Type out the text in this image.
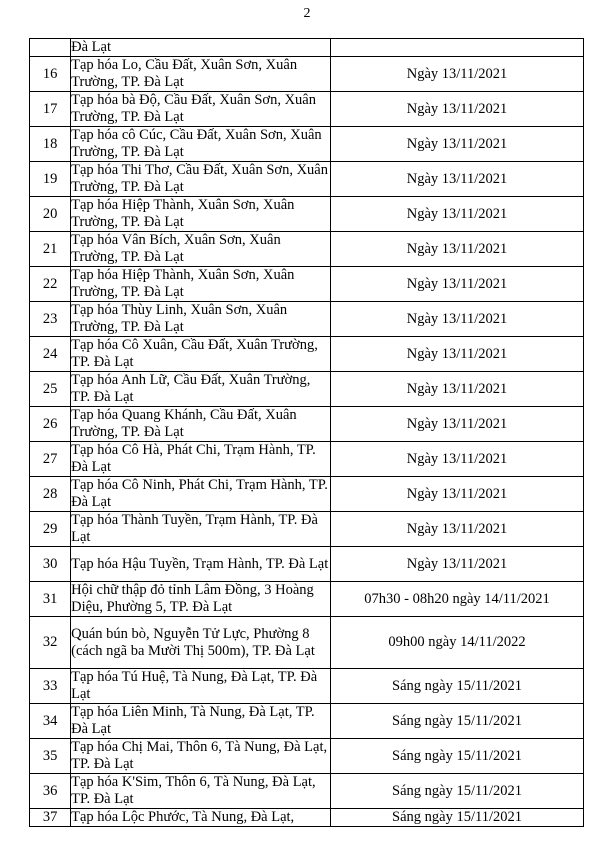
2
	Đà Lạt	
16	Tạp hóa Lo, Cầu Đất, Xuân Sơn, Xuân Trường, TP. Đà Lạt	Ngày 13/11/2021
17	Tạp hóa bà Độ, Cầu Đất, Xuân Sơn, Xuân Trường, TP. Đà Lạt	Ngày 13/11/2021
18	Tạp hóa cô Cúc, Cầu Đất, Xuân Sơn, Xuân Trường, TP. Đà Lạt	Ngày 13/11/2021
19	Tạp hóa Thi Thơ, Cầu Đất, Xuân Sơn, Xuân Trường, TP. Đà Lạt	Ngày 13/11/2021
20	Tạp hóa Hiệp Thành, Xuân Sơn, Xuân Trường, TP. Đà Lạt	Ngày 13/11/2021
21	Tạp hóa Vân Bích, Xuân Sơn, Xuân Trường, TP. Đà Lạt	Ngày 13/11/2021
22	Tạp hóa Hiệp Thành, Xuân Sơn, Xuân Trường, TP. Đà Lạt	Ngày 13/11/2021
23	Tạp hóa Thùy Linh, Xuân Sơn, Xuân Trường, TP. Đà Lạt	Ngày 13/11/2021
24	Tạp hóa Cô Xuân, Cầu Đất, Xuân Trường, TP. Đà Lạt	Ngày 13/11/2021
25	Tạp hóa Anh Lữ, Cầu Đất, Xuân Trường, TP. Đà Lạt	Ngày 13/11/2021
26	Tạp hóa Quang Khánh, Cầu Đất, Xuân Trường, TP. Đà Lạt	Ngày 13/11/2021
27	Tạp hóa Cô Hà, Phát Chi, Trạm Hành, TP. Đà Lạt	Ngày 13/11/2021
28	Tạp hóa Cô Ninh, Phát Chi, Trạm Hành, TP. Đà Lạt	Ngày 13/11/2021
29	Tạp hóa Thành Tuyền, Trạm Hành, TP. Đà Lạt	Ngày 13/11/2021
30	Tạp hóa Hậu Tuyền, Trạm Hành, TP. Đà Lạt	Ngày 13/11/2021
31	Hội chữ thập đỏ tỉnh Lâm Đồng, 3 Hoàng Diệu, Phường 5, TP. Đà Lạt	07h30 - 08h20 ngày 14/11/2021
32	Quán bún bò, Nguyễn Tử Lực, Phường 8 (cách ngã ba Mười Thị 500m), TP. Đà Lạt	09h00 ngày 14/11/2022
33	Tạp hóa Tú Huệ, Tà Nung, Đà Lạt, TP. Đà Lạt	Sáng ngày 15/11/2021
34	Tạp hóa Liên Minh, Tà Nung, Đà Lạt, TP. Đà Lạt	Sáng ngày 15/11/2021
35	Tạp hóa Chị Mai, Thôn 6, Tà Nung, Đà Lạt, TP. Đà Lạt	Sáng ngày 15/11/2021
36	Tạp hóa K'Sim, Thôn 6, Tà Nung, Đà Lạt, TP. Đà Lạt	Sáng ngày 15/11/2021
37	Tạp hóa Lộc Phước, Tà Nung, Đà Lạt,	Sáng ngày 15/11/2021
